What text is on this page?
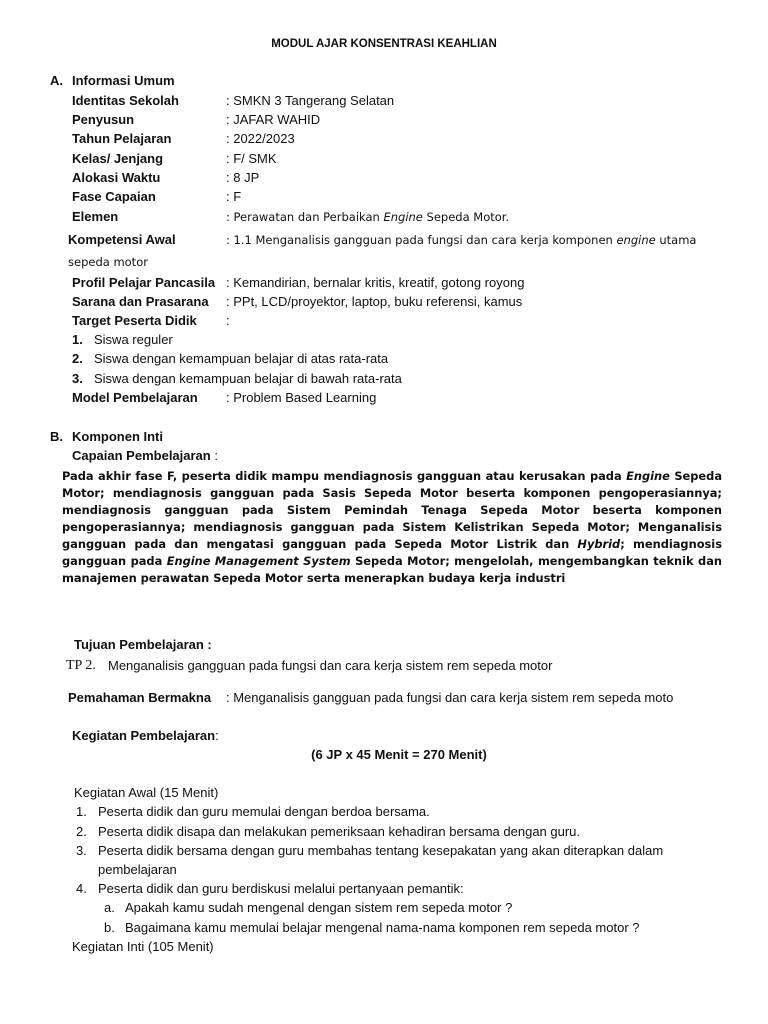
MODUL AJAR KONSENTRASI KEAHLIAN
A. Informasi Umum
Identitas Sekolah	: SMKN 3 Tangerang Selatan
Penyusun	: JAFAR WAHID
Tahun Pelajaran	: 2022/2023
Kelas/ Jenjang	: F/ SMK
Alokasi Waktu	: 8 JP
Fase Capaian	: F
Elemen	: Perawatan dan Perbaikan Engine Sepeda Motor.
Kompetensi Awal	: 1.1 Menganalisis gangguan pada fungsi dan cara kerja komponen engine utama
sepeda motor
Profil Pelajar Pancasila : Kemandirian, bernalar kritis, kreatif, gotong royong
Sarana dan Prasarana : PPt, LCD/proyektor, laptop, buku referensi, kamus
Target Peserta Didik :
1. Siswa reguler
2. Siswa dengan kemampuan belajar di atas rata-rata
3. Siswa dengan kemampuan belajar di bawah rata-rata
Model Pembelajaran : Problem Based Learning
B. Komponen Inti
Capaian Pembelajaran :
Pada akhir fase F, peserta didik mampu mendiagnosis gangguan atau kerusakan pada Engine Sepeda Motor; mendiagnosis gangguan pada Sasis Sepeda Motor beserta komponen pengoperasiannya; mendiagnosis gangguan pada Sistem Pemindah Tenaga Sepeda Motor beserta komponen pengoperasiannya; mendiagnosis gangguan pada Sistem Kelistrikan Sepeda Motor; Menganalisis gangguan pada dan mengatasi gangguan pada Sepeda Motor Listrik dan Hybrid; mendiagnosis gangguan pada Engine Management System Sepeda Motor; mengelolah, mengembangkan teknik dan manajemen perawatan Sepeda Motor serta menerapkan budaya kerja industri
Tujuan Pembelajaran :
TP 2. Menganalisis gangguan pada fungsi dan cara kerja sistem rem sepeda motor
Pemahaman Bermakna : Menganalisis gangguan pada fungsi dan cara kerja sistem rem sepeda moto
Kegiatan Pembelajaran:
(6 JP x 45 Menit = 270 Menit)
Kegiatan Awal (15 Menit)
1. Peserta didik dan guru memulai dengan berdoa bersama.
2. Peserta didik disapa dan melakukan pemeriksaan kehadiran bersama dengan guru.
3. Peserta didik bersama dengan guru membahas tentang kesepakatan yang akan diterapkan dalam
pembelajaran
4. Peserta didik dan guru berdiskusi melalui pertanyaan pemantik:
a. Apakah kamu sudah mengenal dengan sistem rem sepeda motor ?
b. Bagaimana kamu memulai belajar mengenal nama-nama komponen rem sepeda motor ?
Kegiatan Inti (105 Menit)
